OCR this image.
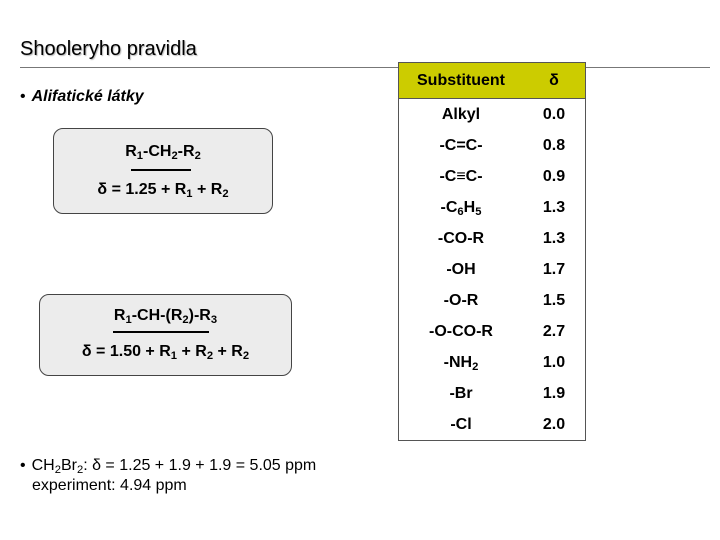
Shooleryho pravidla
• Alifatické látky
$R_1-CH_2-R_2$
$\delta = 1.25 + R_1 + R_2$
$R_1-CH-(R_2)-R_3$
$\delta = 1.50 + R_1 + R_2 + R_2$
• $CH_2Br_2$: δ = 1.25 + 1.9 + 1.9 = 5.05 ppm
experiment: 4.94 ppm
Substituent	δ
Alkyl	0.0
-C=C-	0.8
-C≡C-	0.9
$-C_6H_5$	1.3
-CO-R	1.3
-OH	1.7
-O-R	1.5
-O-CO-R	2.7
$-NH_2$	1.0
-Br	1.9
-Cl	2.0
